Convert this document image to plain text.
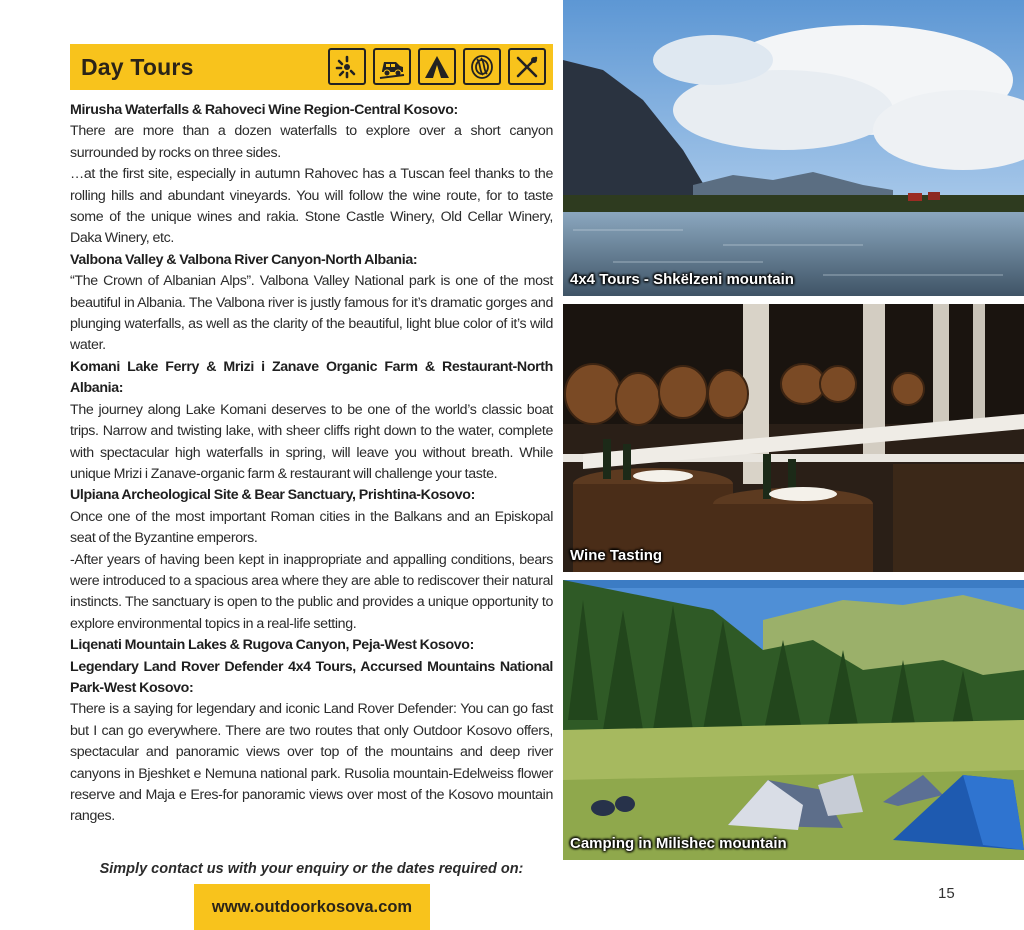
Day Tours

Mirusha Waterfalls & Rahoveci Wine Region-Central Kosovo:

There are more than a dozen waterfalls to explore over a short canyon surrounded by rocks on three sides.

…at the first site, especially in autumn Rahovec has a Tuscan feel thanks to the rolling hills and abundant vineyards. You will follow the wine route, for to taste some of the unique wines and rakia. Stone Castle Winery, Old Cellar Winery, Daka Winery, etc.

Valbona Valley & Valbona River Canyon-North Albania:

“The Crown of Albanian Alps”. Valbona Valley National park is one of the most beautiful in Albania. The Valbona river is justly famous for it’s dramatic gorges and plunging waterfalls, as well as the clarity of the beautiful, light blue color of it’s wild water.

Komani Lake Ferry & Mrizi i Zanave Organic Farm & Restaurant-North Albania:

The journey along Lake Komani deserves to be one of the world’s classic boat trips. Narrow and twisting lake, with sheer cliffs right down to the water, complete with spectacular high waterfalls in spring, will leave you without breath. While unique Mrizi i Zanave-organic farm & restaurant will challenge your taste.

Ulpiana Archeological Site & Bear Sanctuary, Prishtina-Kosovo:

Once one of the most important Roman cities in the Balkans and an Episkopal seat of the Byzantine emperors.

-After years of having been kept in inappropriate and appalling conditions, bears were introduced to a spacious area where they are able to rediscover their natural instincts. The sanctuary is open to the public and provides a unique opportunity to explore environmental topics in a real-life setting.

Liqenati Mountain Lakes & Rugova Canyon, Peja-West Kosovo:

Legendary Land Rover Defender 4x4 Tours, Accursed Mountains National Park-West Kosovo:

There is a saying for legendary and iconic Land Rover Defender: You can go fast but I can go everywhere. There are two routes that only Outdoor Kosovo offers, spectacular and panoramic views over top of the mountains and deep river canyons in Bjeshket e Nemuna national park. Rusolia mountain-Edelweiss flower reserve and Maja e Eres-for panoramic views over most of the Kosovo mountain ranges.

Simply contact us with your enquiry or the dates required on:
www.outdoorkosova.com
15
4x4 Tours - Shkëlzeni mountain
Wine Tasting
Camping in Milishec mountain
